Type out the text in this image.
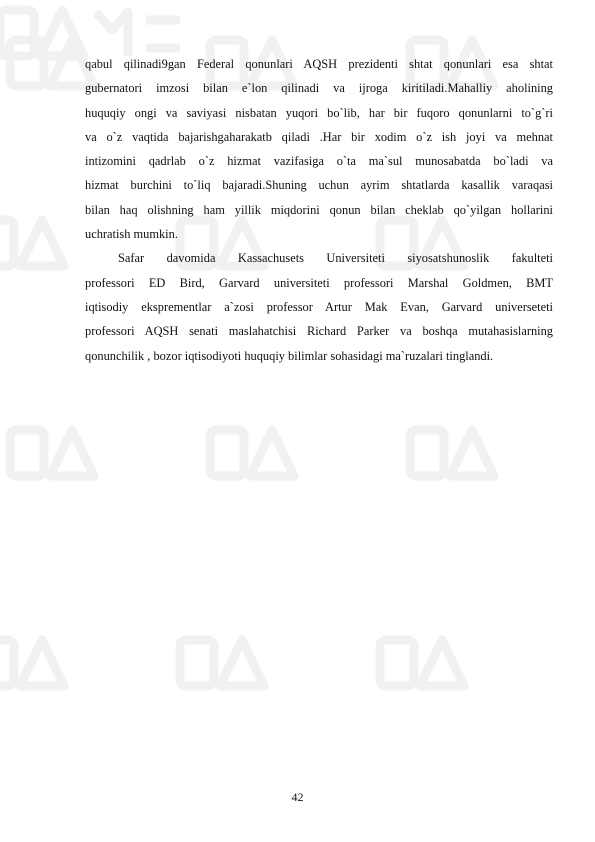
qabul qilinadi9gan Federal qonunlari AQSH prezidenti shtat qonunlari esa shtat
gubernatori imzosi bilan e`lon qilinadi va ijroga kiritiladi.Mahalliy aholining
huquqiy ongi va saviyasi nisbatan yuqori bo`lib, har bir fuqoro qonunlarni to`g`ri
va o`z vaqtida bajarishgaharakatb qiladi .Har bir xodim o`z ish joyi va mehnat
intizomini qadrlab o`z hizmat vazifasiga o`ta ma`sul munosabatda bo`ladi va
hizmat burchini to`liq bajaradi.Shuning uchun ayrim shtatlarda kasallik varaqasi
bilan haq olishning ham yillik miqdorini qonun bilan cheklab qo`yilgan hollarini
uchratish mumkin.

Safar davomida Kassachusets Universiteti siyosatshunoslik fakulteti
professori ED Bird, Garvard universiteti professori Marshal Goldmen, BMT
iqtisodiy eksprementlar a`zosi professor Artur Mak Evan, Garvard universeteti
professori AQSH senati maslahatchisi Richard Parker va boshqa mutahasislarning
qonunchilik , bozor iqtisodiyoti huquqiy bilimlar sohasidagi ma`ruzalari tinglandi.

42
